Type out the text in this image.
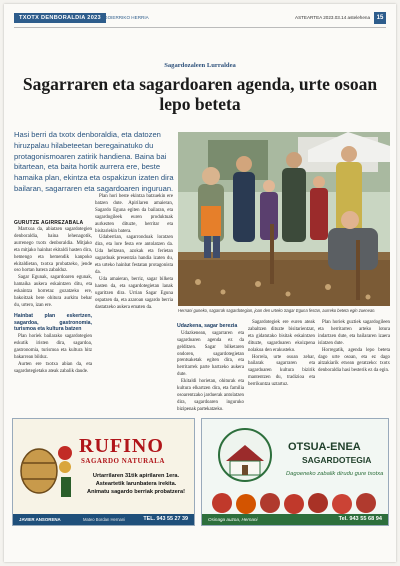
TXOTX DENBORALDIA 2023 GOIERRIKO HERRIA	ASTEARTEA 2023.03.14 astelehena	15
Sagardozaleen Lurraldea
Sagarraren eta sagardoaren agenda, urte osoan lepo beteta

Hasi berri da txotx denboraldia, eta datozen hiruzpalau hilabeteetan beregainatuko du protagonismoaren zatirik handiena. Baina bai bitartean, eta baita hortik aurrera ere, beste hamaika plan, ekintza eta ospakizun izaten dira bailaran, sagarraren eta sagardoaren inguruan.

Hernani guneko, sagarrak sagardotegian, joan den urteko Sagar Eguna festan, aurreko beteta egin zuenean.

GURUTZE AGIRREZABALA

Martxoa da, abiatzen sagardotegien denboraldia, baina lehenagotik, aurrenego txotx denboraldia. Mitjako eta mitjako hainbat ekitaldi hasten dira, hemengo eta hemendik kanpoko ekitaldietan, txotxa probatzeko, jende oso hortan batera zabalduz.

Sagar Egunak, sagardoaren egunak, hamaika aukera eskaintzen ditu, eta eskaintza horretaz gozatzeko ere, bakoitzak bere ohitura aurkitu behar du, urtero, izan ere.

Hainbat plan eskertzen, sagardoa, gastronomia, turismoa eta kultura batzen

Plan horiek bailarako sagardotegien eskutik iristen dira, sagardoa, gastronomia, turismoa eta kultura hitz bakarrean bilduz.

Aurten ere txotxa abian da, eta sagardotegietako ateak zabalik daude.

Plan hori beste ekintza batzuekin ere batzen dute. Apirilaren amaieran, Sagardo Eguna egiten da bailaran, eta sagardogileek euren produktuak aurkezten dituzte, herritar eta bisitariekin batera.

Udaberrian, sagarrondoak loratzen dira, eta lore festa ere antolatzen da. Uda heltzean, azokak eta ferietan sagardoak presentzia handia izaten du, eta urteko hainbat festatan protagonista da.

Uda amaieran, berriz, sagar bilketa hasten da, eta sagardotegietan lanak ugaritzen dira. Urrian Sagar Eguna ospatzen da, eta azaroan sagardo berria dastatzeko aukera ematen da.

Udazkena, sagar berezia

Udazkenean, sagarraren eta sagardoaren agenda ez da gelditzen. Sagar bilketaren ondoren, sagardotegietan prentsaketak egiten dira, eta herritarrek parte hartzeko aukera dute.

Ekitaldi horietan, ohiturak eta kultura elkartzen dira, eta familia osoarentzako jarduerak antolatzen dira, sagardoaren inguruko bizipenak partekatzeko.

Sagardotegiek ere euren ateak zabaltzen dituzte bisitarientzat, eta gidatutako bisitak eskaintzen dituzte, sagardoaren ekoizpena nolakoa den erakusteko.

Horrela, urte osoan zehar, bailarak sagarraren eta sagardoaren kultura bizirik mantentzen du, tradizioa eta berrikuntza uztartuz.

Plan horiek guztiek sagardogileen eta herritarren arteko lotura indartzen dute, eta bailararen izaera islatzen dute.

Horregatik, agenda lepo beteta dago urte osoan, eta ez dago aitzakiarik etxean geratzeko: txotx denboraldia hasi besterik ez da egin.

RUFINO
SAGARDO NATURALA
Urtarrilaren 31tik apirilaren 1era.
Asteartetik larunbatera irekita.
Animatu sagardo berriak probatzera!
JAVIER ANSORENA	Mateo Bordan Hernani	TEL. 943 55 27 39
OTSUA-ENEA
SAGARDOTEGIA
Dagoeneko zabalik dirudu gure txotxa
Osinaga auzoa, Hernani	Tel. 943 55 68 94
